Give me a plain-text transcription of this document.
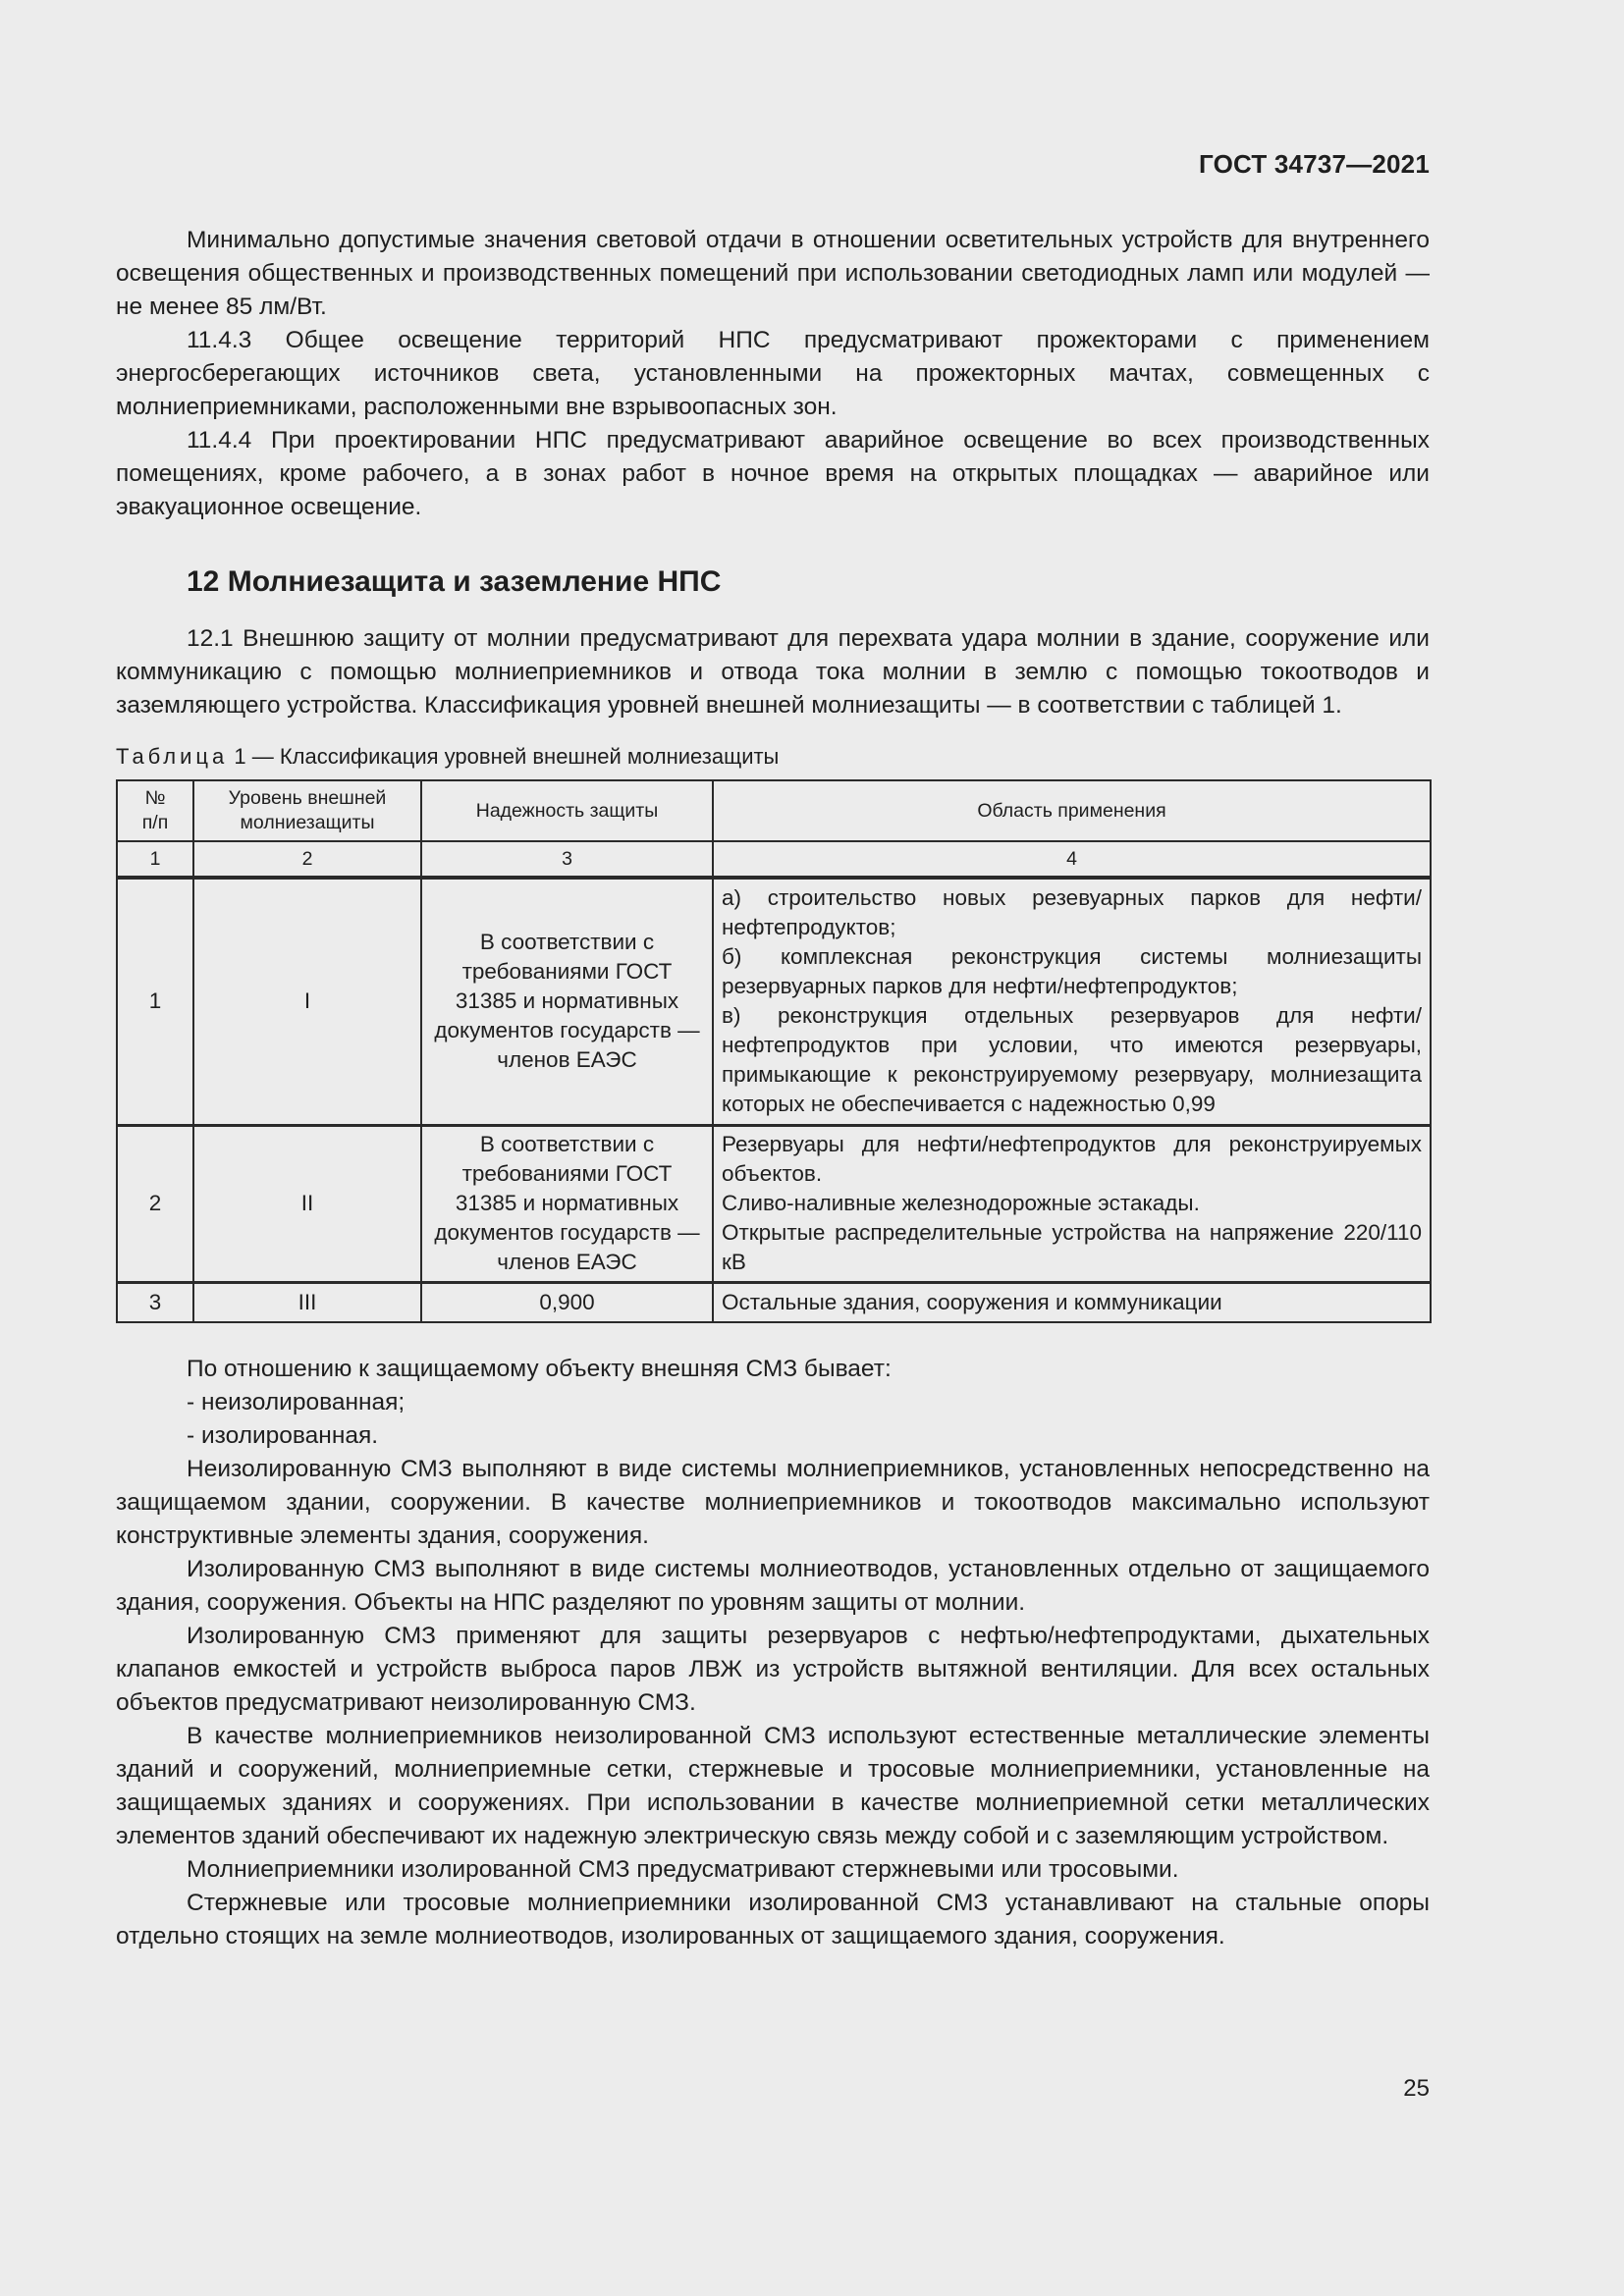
ГОСТ 34737—2021

Минимально допустимые значения световой отдачи в отношении осветительных устройств для внутреннего освещения общественных и производственных помещений при использовании светодиодных ламп или модулей — не менее 85 лм/Вт.

11.4.3 Общее освещение территорий НПС предусматривают прожекторами с применением энергосберегающих источников света, установленными на прожекторных мачтах, совмещенных с молниеприемниками, расположенными вне взрывоопасных зон.

11.4.4 При проектировании НПС предусматривают аварийное освещение во всех производственных помещениях, кроме рабочего, а в зонах работ в ночное время на открытых площадках — аварийное или эвакуационное освещение.

12 Молниезащита и заземление НПС

12.1 Внешнюю защиту от молнии предусматривают для перехвата удара молнии в здание, сооружение или коммуникацию с помощью молниеприемников и отвода тока молнии в землю с помощью токоотводов и заземляющего устройства. Классификация уровней внешней молниезащиты — в соответствии с таблицей 1.

Таблица 1 — Классификация уровней внешней молниезащиты

№
п/п	Уровень внешней молниезащиты	Надежность защиты	Область применения
1	2	3	4
1	I	В соответствии с требованиями ГОСТ 31385 и нормативных документов государств — членов ЕАЭС	а) строительство новых резевуарных парков для нефти/нефтепродуктов;
б) комплексная реконструкция системы молниезащиты резервуарных парков для нефти/нефтепродуктов;
в) реконструкция отдельных резервуаров для нефти/нефтепродуктов при условии, что имеются резервуары, примыкающие к реконструируемому резервуару, молниезащита которых не обеспечивается с надежностью 0,99
2	II	В соответствии с требованиями ГОСТ 31385 и нормативных документов государств — членов ЕАЭС	Резервуары для нефти/нефтепродуктов для реконструируемых объектов.
Сливо-наливные железнодорожные эстакады.
Открытые распределительные устройства на напряжение 220/110 кВ
3	III	0,900	Остальные здания, сооружения и коммуникации

По отношению к защищаемому объекту внешняя СМЗ бывает:

- неизолированная;

- изолированная.

Неизолированную СМЗ выполняют в виде системы молниеприемников, установленных непосредственно на защищаемом здании, сооружении. В качестве молниеприемников и токоотводов максимально используют конструктивные элементы здания, сооружения.

Изолированную СМЗ выполняют в виде системы молниеотводов, установленных отдельно от защищаемого здания, сооружения. Объекты на НПС разделяют по уровням защиты от молнии.

Изолированную СМЗ применяют для защиты резервуаров с нефтью/нефтепродуктами, дыхательных клапанов емкостей и устройств выброса паров ЛВЖ из устройств вытяжной вентиляции. Для всех остальных объектов предусматривают неизолированную СМЗ.

В качестве молниеприемников неизолированной СМЗ используют естественные металлические элементы зданий и сооружений, молниеприемные сетки, стержневые и тросовые молниеприемники, установленные на защищаемых зданиях и сооружениях. При использовании в качестве молниеприемной сетки металлических элементов зданий обеспечивают их надежную электрическую связь между собой и с заземляющим устройством.

Молниеприемники изолированной СМЗ предусматривают стержневыми или тросовыми.

Стержневые или тросовые молниеприемники изолированной СМЗ устанавливают на стальные опоры отдельно стоящих на земле молниеотводов, изолированных от защищаемого здания, сооружения.

25
